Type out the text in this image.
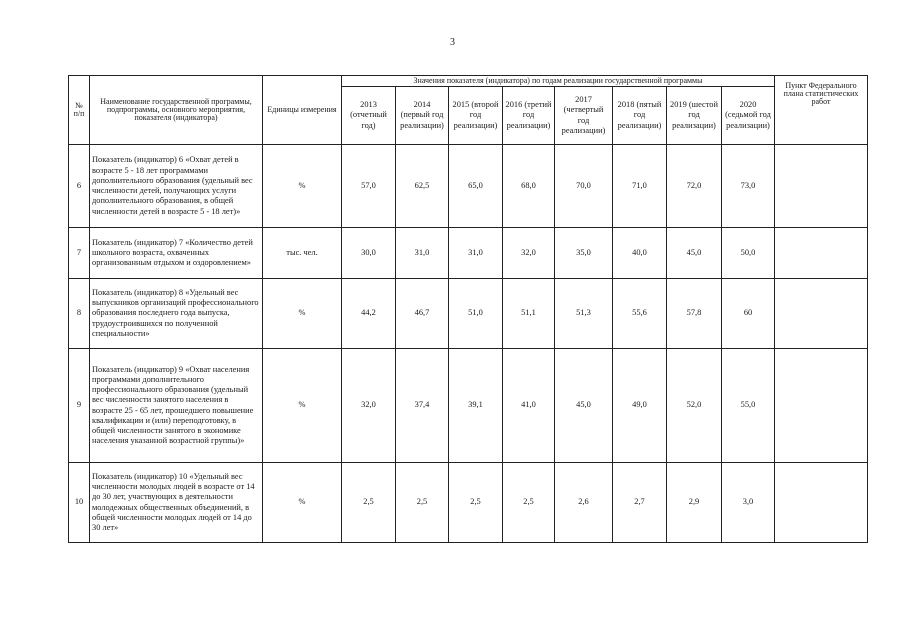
3
№ п/п	Наименование государственной программы, подпрограммы, основного мероприятия, показателя (индикатора)	Единицы измерения	Значения показателя (индикатора) по годам реализации государственной программы								Пункт Федерального плана статистических работ
			2013 (отчетный год)	2014 (первый год реализации)	2015 (второй год реализации)	2016 (третий год реализации)	2017 (четвертый год реализации)	2018 (пятый год реализации)	2019 (шестой год реализации)	2020 (седьмой год реализации)	
6	Показатель (индикатор) 6 «Охват детей в возрасте 5 - 18 лет программами дополнительного образования (удельный вес численности детей, получающих услуги дополнительного образования, в общей численности детей в возрасте 5 - 18 лет)»	%	57,0	62,5	65,0	68,0	70,0	71,0	72,0	73,0	
7	Показатель (индикатор) 7 «Количество детей школьного возраста, охваченных организованным отдыхом и оздоровлением»	тыс. чел.	30,0	31,0	31,0	32,0	35,0	40,0	45,0	50,0	
8	Показатель (индикатор) 8 «Удельный вес выпускников организаций профессионального образования последнего года выпуска, трудоустроившихся по полученной специальности»	%	44,2	46,7	51,0	51,1	51,3	55,6	57,8	60	
9	Показатель (индикатор) 9 «Охват населения программами дополнительного профессионального образования (удельный вес численности занятого населения в возрасте 25 - 65 лет, прошедшего повышение квалификации и (или) переподготовку, в общей численности занятого в экономике населения указанной возрастной группы)»	%	32,0	37,4	39,1	41,0	45,0	49,0	52,0	55,0	
10	Показатель (индикатор) 10 «Удельный вес численности молодых людей в возрасте от 14 до 30 лет, участвующих в деятельности молодежных общественных объединений, в общей численности молодых людей от 14 до 30 лет»	%	2,5	2,5	2,5	2,5	2,6	2,7	2,9	3,0	
